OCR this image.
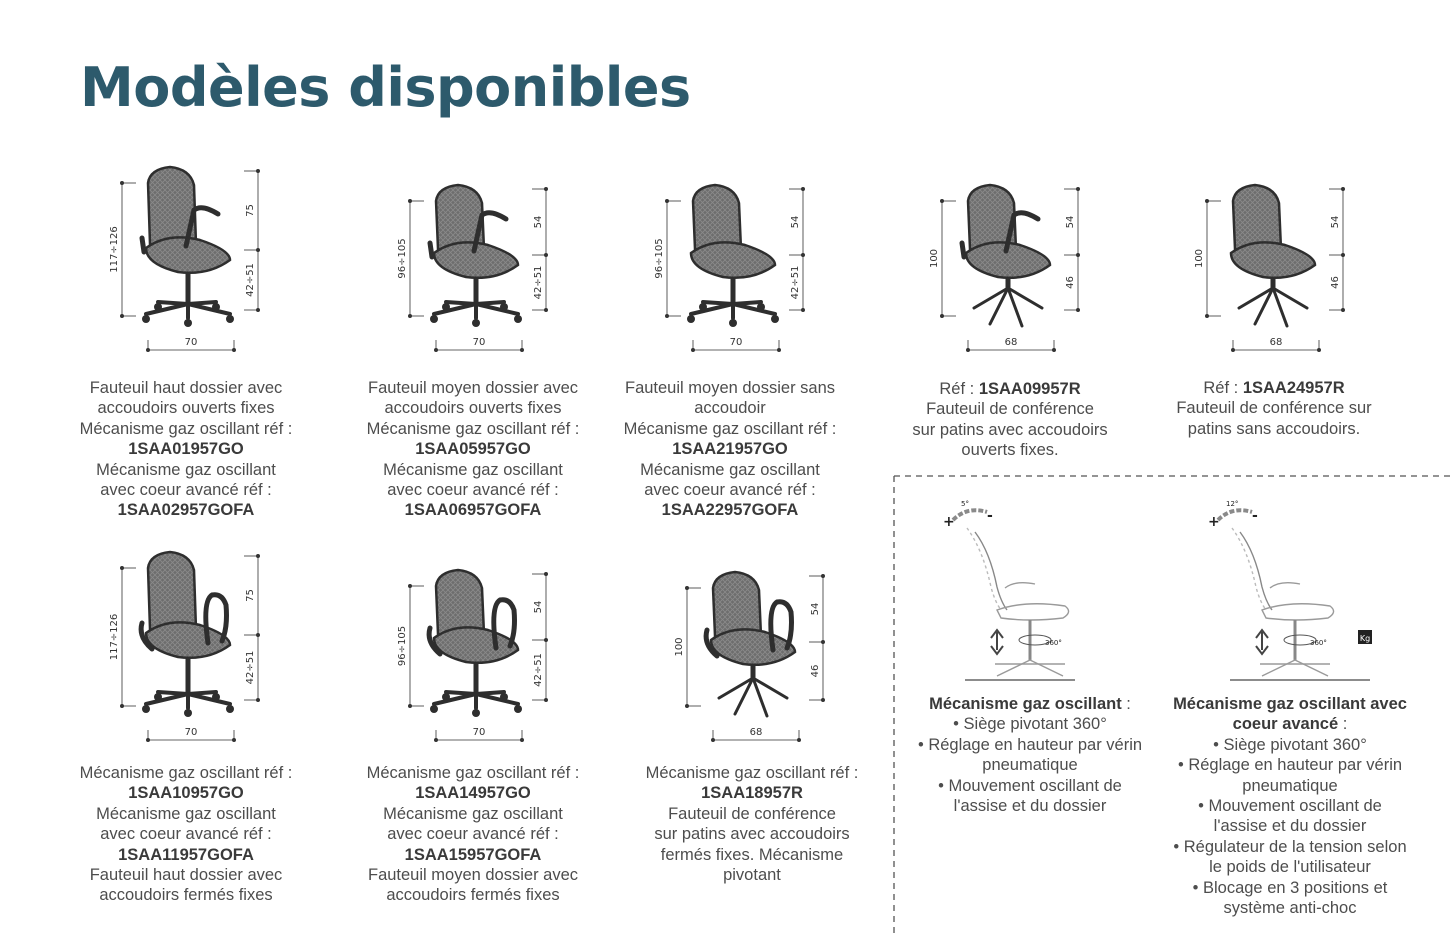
Modèles disponibles
117÷126
75
42÷51
70
96÷105
54
42÷51
70
96÷105
54
42÷51
70
100
54
46
68
100
54
46
68
117÷126
75
42÷51
70
96÷105
54
42÷51
70
100
54
46
68
Fauteuil haut dossier avec
accoudoirs ouverts fixes
Mécanisme gaz oscillant réf :
1SAA01957GO
Mécanisme gaz oscillant
avec coeur avancé réf :
1SAA02957GOFA
Fauteuil moyen dossier avec
accoudoirs ouverts fixes
Mécanisme gaz oscillant réf :
1SAA05957GO
Mécanisme gaz oscillant
avec coeur avancé réf :
1SAA06957GOFA
Fauteuil moyen dossier sans
accoudoir
Mécanisme gaz oscillant réf :
1SAA21957GO
Mécanisme gaz oscillant
avec coeur avancé réf :
1SAA22957GOFA
Réf : 1SAA09957R
Fauteuil de conférence
sur patins avec accoudoirs
ouverts fixes.
Réf : 1SAA24957R
Fauteuil de conférence sur
patins sans accoudoirs.
Mécanisme gaz oscillant réf :
1SAA10957GO
Mécanisme gaz oscillant
avec coeur avancé réf :
1SAA11957GOFA
Fauteuil haut dossier avec
accoudoirs fermés fixes
Mécanisme gaz oscillant réf :
1SAA14957GO
Mécanisme gaz oscillant
avec coeur avancé réf :
1SAA15957GOFA
Fauteuil moyen dossier avec
accoudoirs fermés fixes
Mécanisme gaz oscillant réf :
1SAA18957R
Fauteuil de conférence
sur patins avec accoudoirs
fermés fixes. Mécanisme
pivotant
+ -
5°
360°
+ -
12°
360°	Kg
Mécanisme gaz oscillant :
• Siège pivotant 360°
• Réglage en hauteur par vérin
pneumatique
• Mouvement oscillant de
l'assise et du dossier
Mécanisme gaz oscillant avec
coeur avancé :
• Siège pivotant 360°
• Réglage en hauteur par vérin
pneumatique
• Mouvement oscillant de
l'assise et du dossier
• Régulateur de la tension selon
le poids de l'utilisateur
• Blocage en 3 positions et
système anti-choc
